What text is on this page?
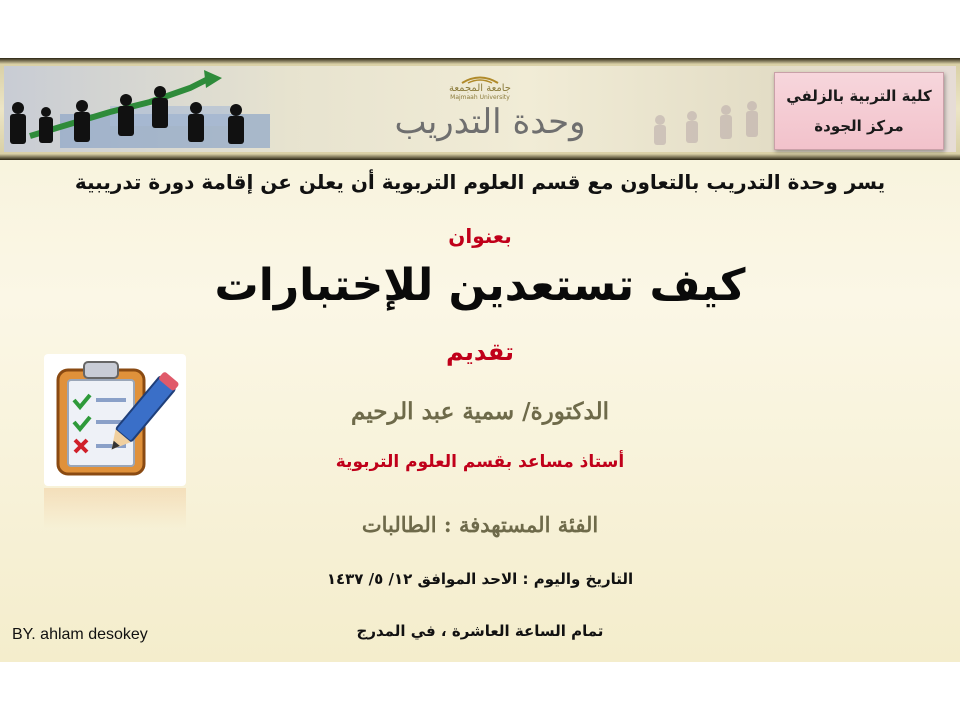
جامعة المجمعة
Majmaah University
وحدة التدريب
كلية التربية بالزلفي
مركز الجودة
يسر وحدة التدريب بالتعاون مع قسم العلوم التربوية أن يعلن عن إقامة دورة تدريبية
بعنوان
كيف تستعدين للإختبارات
تقديم
الدكتورة/ سمية عبد الرحيم
أستاذ مساعد بقسم العلوم التربوية
الفئة المستهدفة : الطالبات
التاريخ واليوم : الاحد الموافق ١٢/ ٥/ ١٤٣٧
تمام الساعة العاشرة ، في المدرج
BY. ahlam desokey
